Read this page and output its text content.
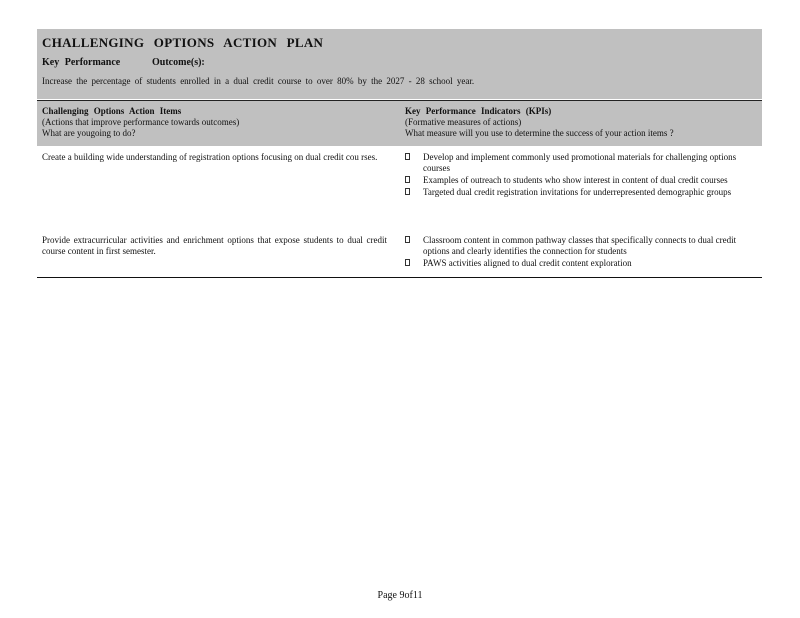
CHALLENGING OPTIONS ACTION PLAN
Key Performance	Outcome(s):
Increase the percentage of students enrolled in a dual credit course to over 80% by the 2027 - 28 school year.
Challenging Options Action Items
(Actions that improve performance towards outcomes)
What are yougoing to do?
Key Performance Indicators (KPIs)
(Formative measures of actions)
What measure will you use to determine the success of your action items ?
Create a building wide understanding of registration options focusing on dual credit cou rses.	Develop and implement commonly used promotional materials for challenging options courses
Examples of outreach to students who show interest in content of dual credit courses
Targeted dual credit registration invitations for underrepresented demographic groups
Provide extracurricular activities and enrichment options that expose students to dual credit course content in first semester.
Classroom content in common pathway classes that specifically connects to dual credit options and clearly identifies the connection for students
PAWS activities aligned to dual credit content exploration
Page 9of11
